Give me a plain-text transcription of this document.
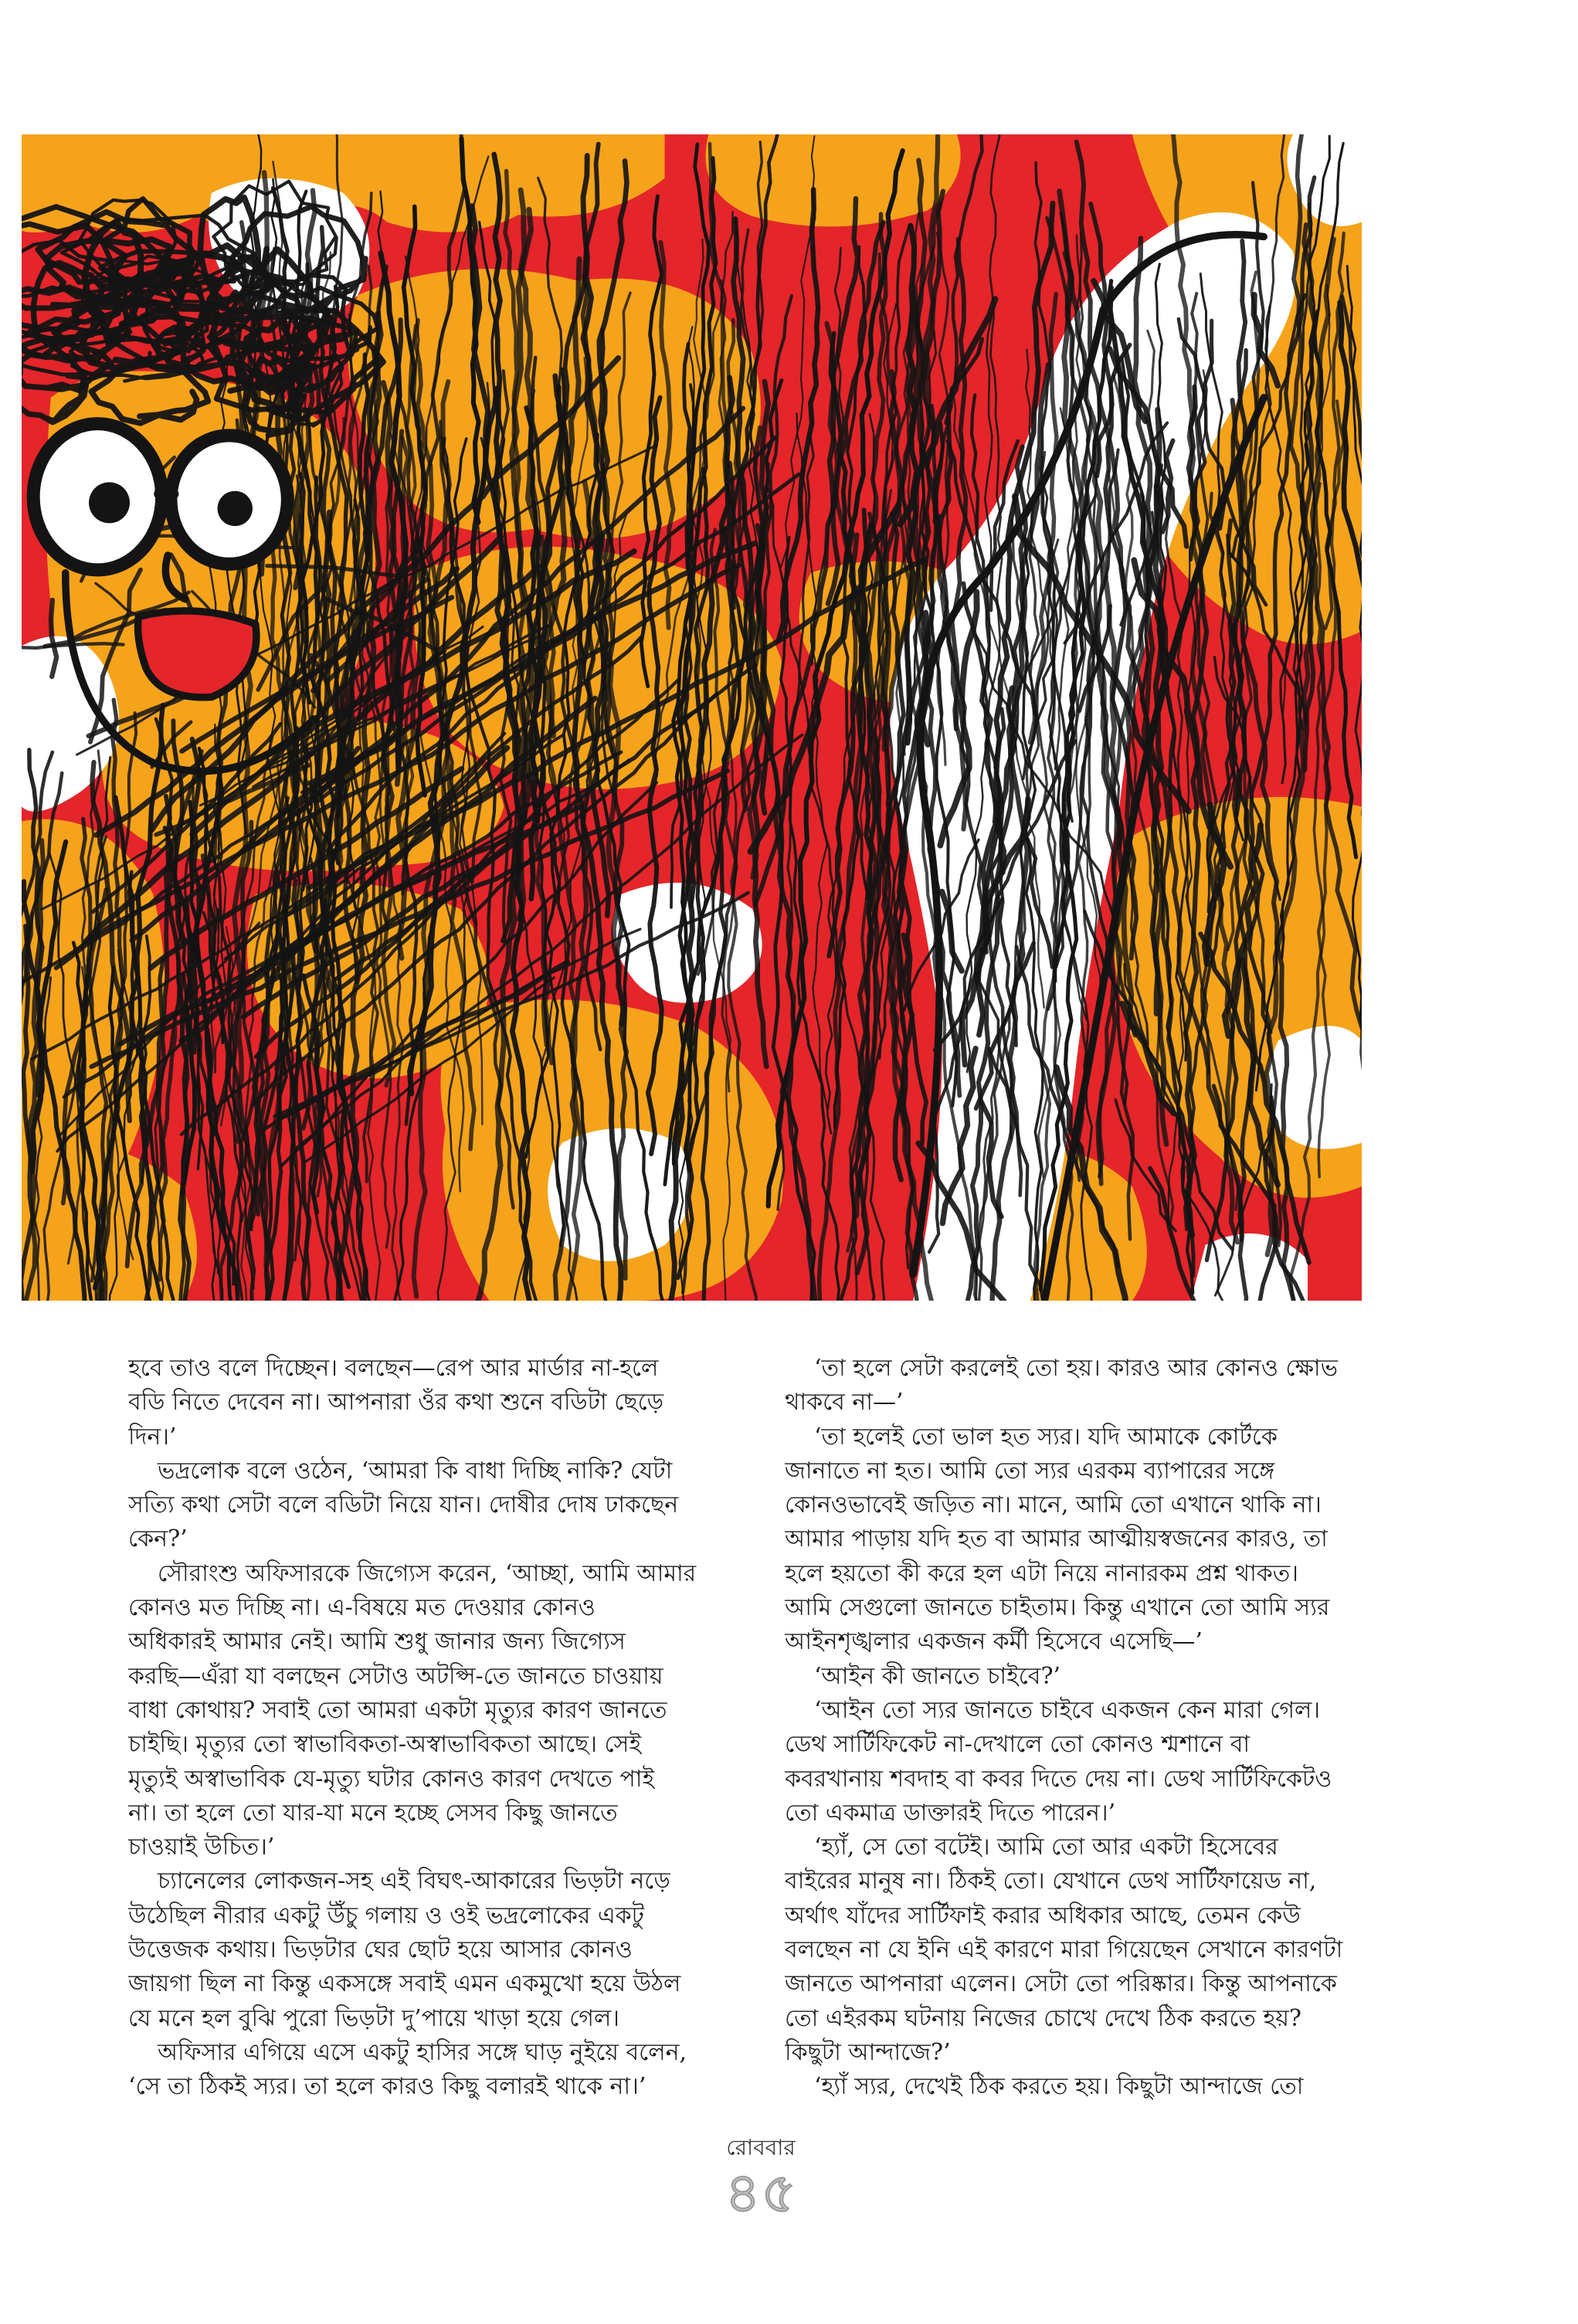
হবে তাও বলে দিচ্ছেন। বলছেন—রেপ আর মার্ডার না-হলে
বডি নিতে দেবেন না। আপনারা ওঁর কথা শুনে বডিটা ছেড়ে
দিন।’
ভদ্রলোক বলে ওঠেন, ‘আমরা কি বাধা দিচ্ছি নাকি? যেটা
সত্যি কথা সেটা বলে বডিটা নিয়ে যান। দোষীর দোষ ঢাকছেন
কেন?’
সৌরাংশু অফিসারকে জিগ্যেস করেন, ‘আচ্ছা, আমি আমার
কোনও মত দিচ্ছি না। এ-বিষয়ে মত দেওয়ার কোনও
অধিকারই আমার নেই। আমি শুধু জানার জন্য জিগ্যেস
করছি—এঁরা যা বলছেন সেটাও অটপ্সি-তে জানতে চাওয়ায়
বাধা কোথায়? সবাই তো আমরা একটা মৃত্যুর কারণ জানতে
চাইছি। মৃত্যুর তো স্বাভাবিকতা-অস্বাভাবিকতা আছে। সেই
মৃত্যুই অস্বাভাবিক যে-মৃত্যু ঘটার কোনও কারণ দেখতে পাই
না। তা হলে তো যার-যা মনে হচ্ছে সেসব কিছু জানতে
চাওয়াই উচিত।’
চ্যানেলের লোকজন-সহ এই বিঘৎ-আকারের ভিড়টা নড়ে
উঠেছিল নীরার একটু উঁচু গলায় ও ওই ভদ্রলোকের একটু
উত্তেজক কথায়। ভিড়টার ঘের ছোট হয়ে আসার কোনও
জায়গা ছিল না কিন্তু একসঙ্গে সবাই এমন একমুখো হয়ে উঠল
যে মনে হল বুঝি পুরো ভিড়টা দু’পায়ে খাড়া হয়ে গেল।
অফিসার এগিয়ে এসে একটু হাসির সঙ্গে ঘাড় নুইয়ে বলেন,
‘সে তা ঠিকই স্যর। তা হলে কারও কিছু বলারই থাকে না।’
‘তা হলে সেটা করলেই তো হয়। কারও আর কোনও ক্ষোভ
থাকবে না—’
‘তা হলেই তো ভাল হত স্যর। যদি আমাকে কোর্টকে
জানাতে না হত। আমি তো স্যর এরকম ব্যাপারের সঙ্গে
কোনওভাবেই জড়িত না। মানে, আমি তো এখানে থাকি না।
আমার পাড়ায় যদি হত বা আমার আত্মীয়স্বজনের কারও, তা
হলে হয়তো কী করে হল এটা নিয়ে নানারকম প্রশ্ন থাকত।
আমি সেগুলো জানতে চাইতাম। কিন্তু এখানে তো আমি স্যর
আইনশৃঙ্খলার একজন কর্মী হিসেবে এসেছি—’
‘আইন কী জানতে চাইবে?’
‘আইন তো স্যর জানতে চাইবে একজন কেন মারা গেল।
ডেথ সার্টিফিকেট না-দেখালে তো কোনও শ্মশানে বা
কবরখানায় শবদাহ বা কবর দিতে দেয় না। ডেথ সার্টিফিকেটও
তো একমাত্র ডাক্তারই দিতে পারেন।’
‘হ্যাঁ, সে তো বটেই। আমি তো আর একটা হিসেবের
বাইরের মানুষ না। ঠিকই তো। যেখানে ডেথ সার্টিফায়েড না,
অর্থাৎ যাঁদের সার্টিফাই করার অধিকার আছে, তেমন কেউ
বলছেন না যে ইনি এই কারণে মারা গিয়েছেন সেখানে কারণটা
জানতে আপনারা এলেন। সেটা তো পরিষ্কার। কিন্তু আপনাকে
তো এইরকম ঘটনায় নিজের চোখে দেখে ঠিক করতে হয়?
কিছুটা আন্দাজে?’
‘হ্যাঁ স্যর, দেখেই ঠিক করতে হয়। কিছুটা আন্দাজে তো
রোববার
৪৫
